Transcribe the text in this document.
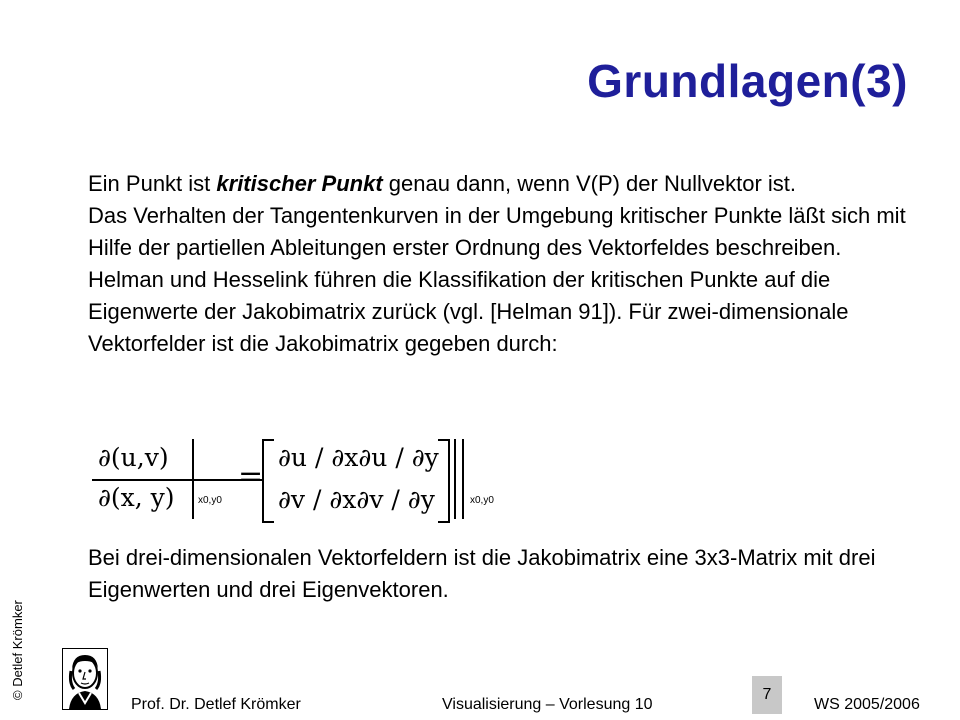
Grundlagen(3)

Ein Punkt ist kritischer Punkt genau dann, wenn V(P) der Nullvektor ist.

Das Verhalten der Tangentenkurven in der Umgebung kritischer Punkte läßt sich mit Hilfe der partiellen Ableitungen erster Ordnung des Vektorfeldes beschreiben. Helman und Hesselink führen die Klassifikation der kritischen Punkte auf die Eigenwerte der Jakobimatrix zurück (vgl. [Helman 91]). Für zwei-dimensionale Vektorfelder ist die Jakobimatrix gegeben durch:

∂(u,v)
∂(x, y)	x0,y0
=
∂u / ∂x∂u / ∂y
∂v / ∂x∂v / ∂y	x0,y0

Bei drei-dimensionalen Vektorfeldern ist die Jakobimatrix eine 3x3-Matrix mit drei Eigenwerten und drei Eigenvektoren.

© Detlef Krömker
Prof. Dr. Detlef Krömker	Visualisierung – Vorlesung 10	WS 2005/2006
7
